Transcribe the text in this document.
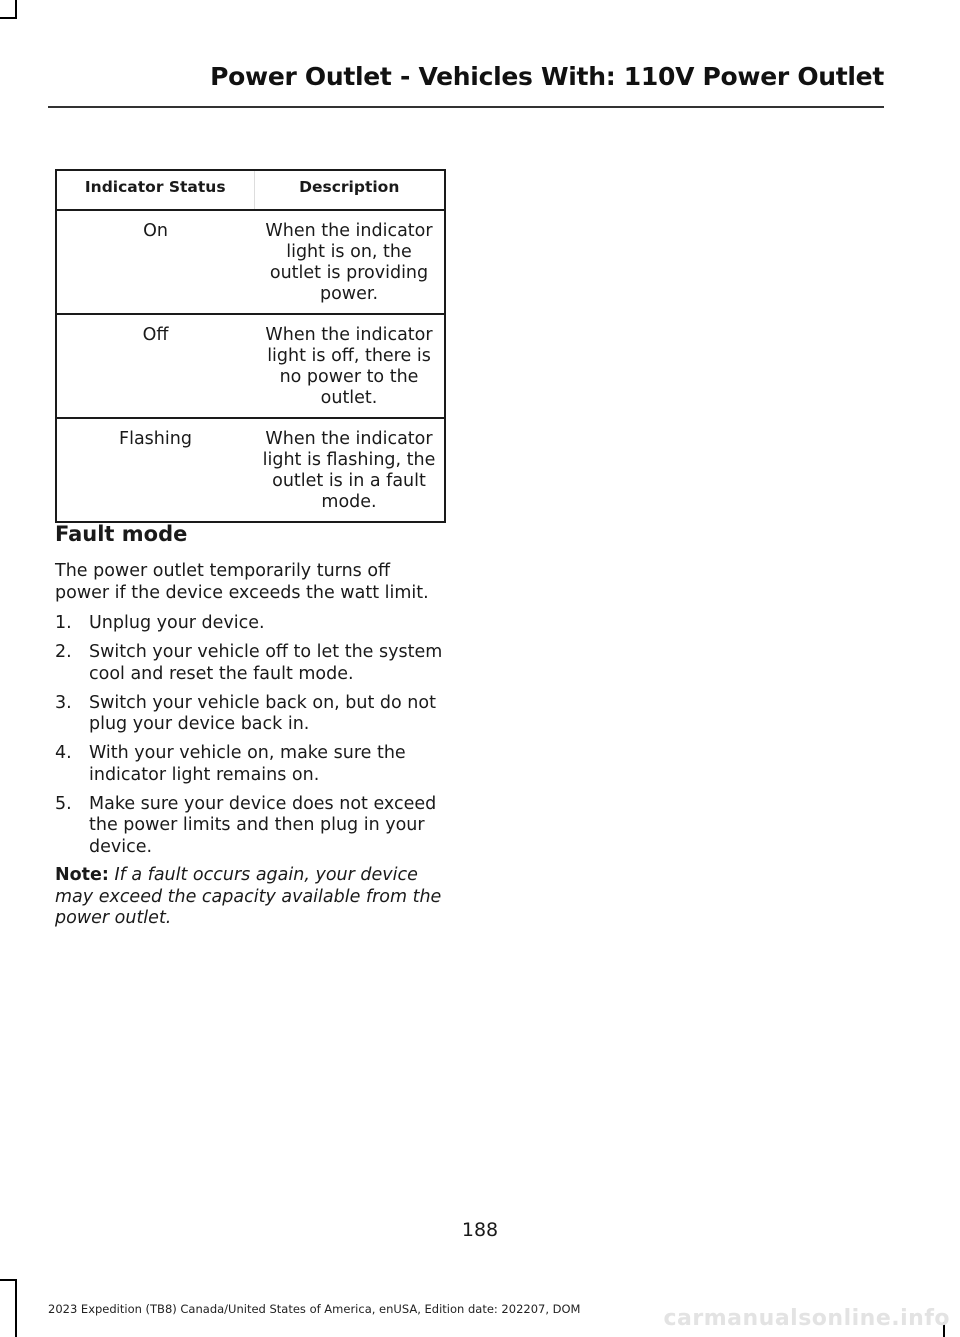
Power Outlet - Vehicles With: 110V Power Outlet
Indicator Status	Description
On	When the indicator light is on, the outlet is providing power.

Off	When the indicator light is off, there is no power to the outlet.

Flashing	When the indicator light is flashing, the outlet is in a fault mode.
Fault mode
The power outlet temporarily turns off power if the device exceeds the watt limit.
1. Unplug your device.
2. Switch your vehicle off to let the system cool and reset the fault mode.
3. Switch your vehicle back on, but do not plug your device back in.
4. With your vehicle on, make sure the indicator light remains on.
5. Make sure your device does not exceed the power limits and then plug in your device.
Note: If a fault occurs again, your device may exceed the capacity available from the power outlet.
188
2023 Expedition (TB8) Canada/United States of America, enUSA, Edition date: 202207, DOM	carmanualsonline.info
